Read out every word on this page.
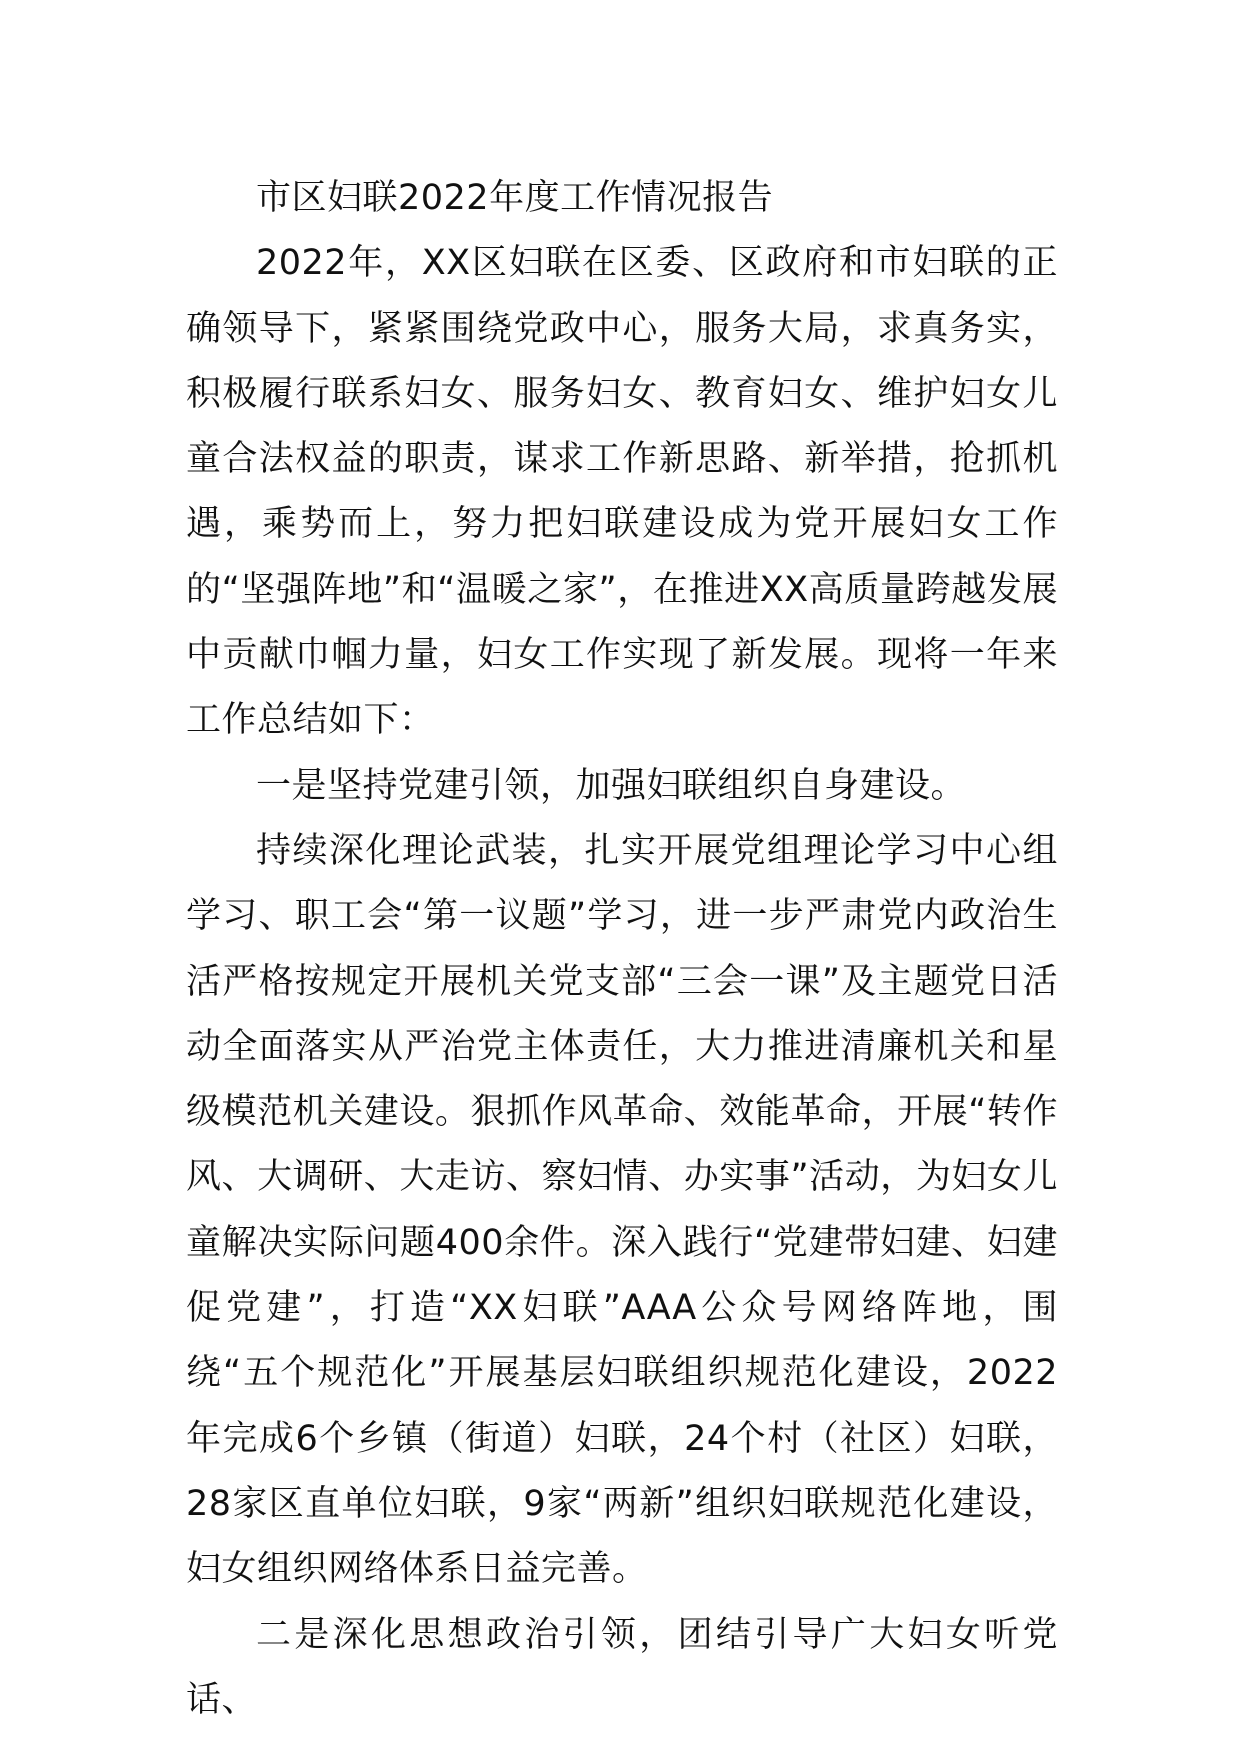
市区妇联2022年度工作情况报告

2022年，XX区妇联在区委、区政府和市妇联的正确领导下，紧紧围绕党政中心，服务大局，求真务实，积极履行联系妇女、服务妇女、教育妇女、维护妇女儿童合法权益的职责，谋求工作新思路、新举措，抢抓机遇，乘势而上，努力把妇联建设成为党开展妇女工作的“坚强阵地”和“温暖之家”，在推进XX高质量跨越发展中贡献巾帼力量，妇女工作实现了新发展。现将一年来工作总结如下：

一是坚持党建引领，加强妇联组织自身建设。

持续深化理论武装，扎实开展党组理论学习中心组学习、职工会“第一议题”学习，进一步严肃党内政治生活严格按规定开展机关党支部“三会一课”及主题党日活动全面落实从严治党主体责任，大力推进清廉机关和星级模范机关建设。狠抓作风革命、效能革命，开展“转作风、大调研、大走访、察妇情、办实事”活动，为妇女儿童解决实际问题400余件。深入践行“党建带妇建、妇建促党建”，打造“XX妇联”AAA公众号网络阵地，围绕“五个规范化”开展基层妇联组织规范化建设，2022年完成6个乡镇（街道）妇联，24个村（社区）妇联，28家区直单位妇联，9家“两新”组织妇联规范化建设，妇女组织网络体系日益完善。

二是深化思想政治引领，团结引导广大妇女听党话、
